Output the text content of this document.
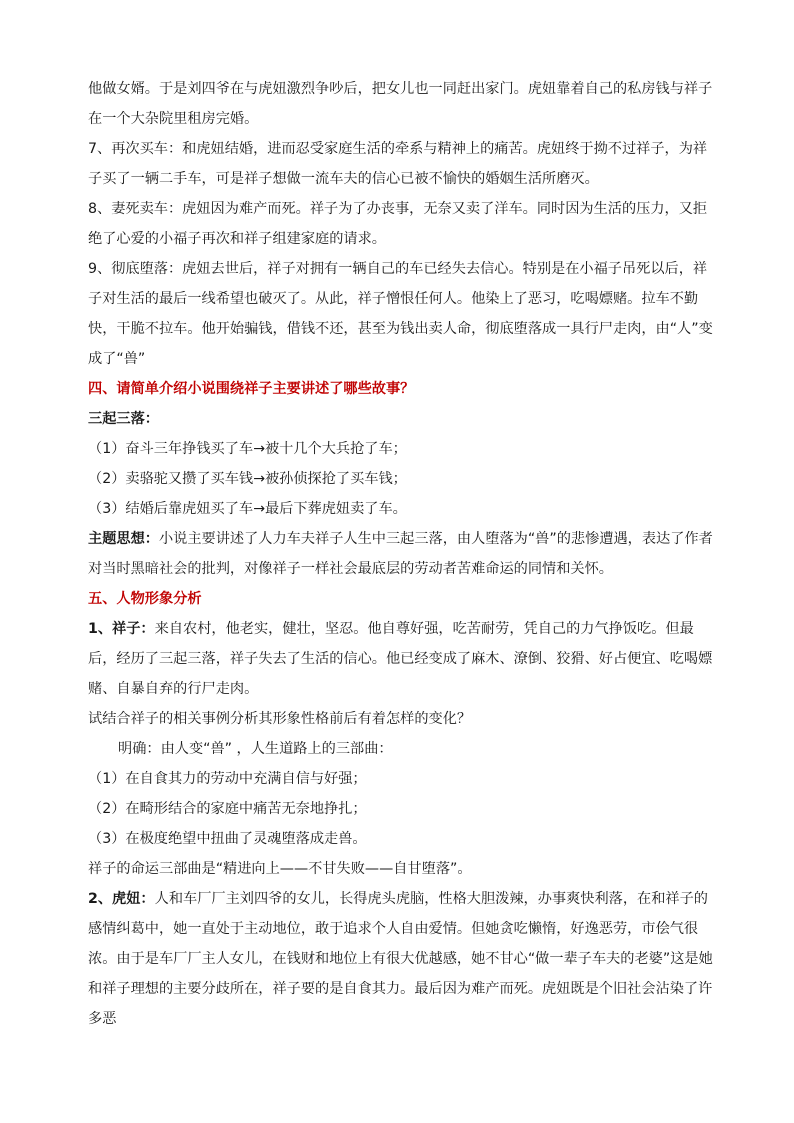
他做女婿。于是刘四爷在与虎妞激烈争吵后，把女儿也一同赶出家门。虎妞靠着自己的私房钱与祥子在一个大杂院里租房完婚。

7、再次买车：和虎妞结婚，进而忍受家庭生活的牵系与精神上的痛苦。虎妞终于拗不过祥子，为祥子买了一辆二手车，可是祥子想做一流车夫的信心已被不愉快的婚姻生活所磨灭。

8、妻死卖车：虎妞因为难产而死。祥子为了办丧事，无奈又卖了洋车。同时因为生活的压力，又拒绝了心爱的小福子再次和祥子组建家庭的请求。

9、彻底堕落：虎妞去世后，祥子对拥有一辆自己的车已经失去信心。特别是在小福子吊死以后，祥子对生活的最后一线希望也破灭了。从此，祥子憎恨任何人。他染上了恶习，吃喝嫖赌。拉车不勤快，干脆不拉车。他开始骗钱，借钱不还，甚至为钱出卖人命，彻底堕落成一具行尸走肉，由“人”变成了“兽”

四、请简单介绍小说围绕祥子主要讲述了哪些故事？

三起三落：

（1）奋斗三年挣钱买了车→被十几个大兵抢了车；

（2）卖骆驼又攒了买车钱→被孙侦探抢了买车钱；

（3）结婚后靠虎妞买了车→最后下葬虎妞卖了车。

主题思想：小说主要讲述了人力车夫祥子人生中三起三落，由人堕落为“兽”的悲惨遭遇，表达了作者对当时黑暗社会的批判，对像祥子一样社会最底层的劳动者苦难命运的同情和关怀。

五、人物形象分析

1、祥子：来自农村，他老实，健壮，坚忍。他自尊好强，吃苦耐劳，凭自己的力气挣饭吃。但最后，经历了三起三落，祥子失去了生活的信心。他已经变成了麻木、潦倒、狡猾、好占便宜、吃喝嫖赌、自暴自弃的行尸走肉。

试结合祥子的相关事例分析其形象性格前后有着怎样的变化？

明确：由人变“兽” ，人生道路上的三部曲：

（1）在自食其力的劳动中充满自信与好强；

（2）在畸形结合的家庭中痛苦无奈地挣扎；

（3）在极度绝望中扭曲了灵魂堕落成走兽。

祥子的命运三部曲是“精进向上——不甘失败——自甘堕落”。

2、虎妞：人和车厂厂主刘四爷的女儿，长得虎头虎脑，性格大胆泼辣，办事爽快利落，在和祥子的感情纠葛中，她一直处于主动地位，敢于追求个人自由爱情。但她贪吃懒惰，好逸恶劳，市侩气很浓。由于是车厂厂主人女儿，在钱财和地位上有很大优越感，她不甘心“做一辈子车夫的老婆”这是她和祥子理想的主要分歧所在，祥子要的是自食其力。最后因为难产而死。虎妞既是个旧社会沾染了许多恶
